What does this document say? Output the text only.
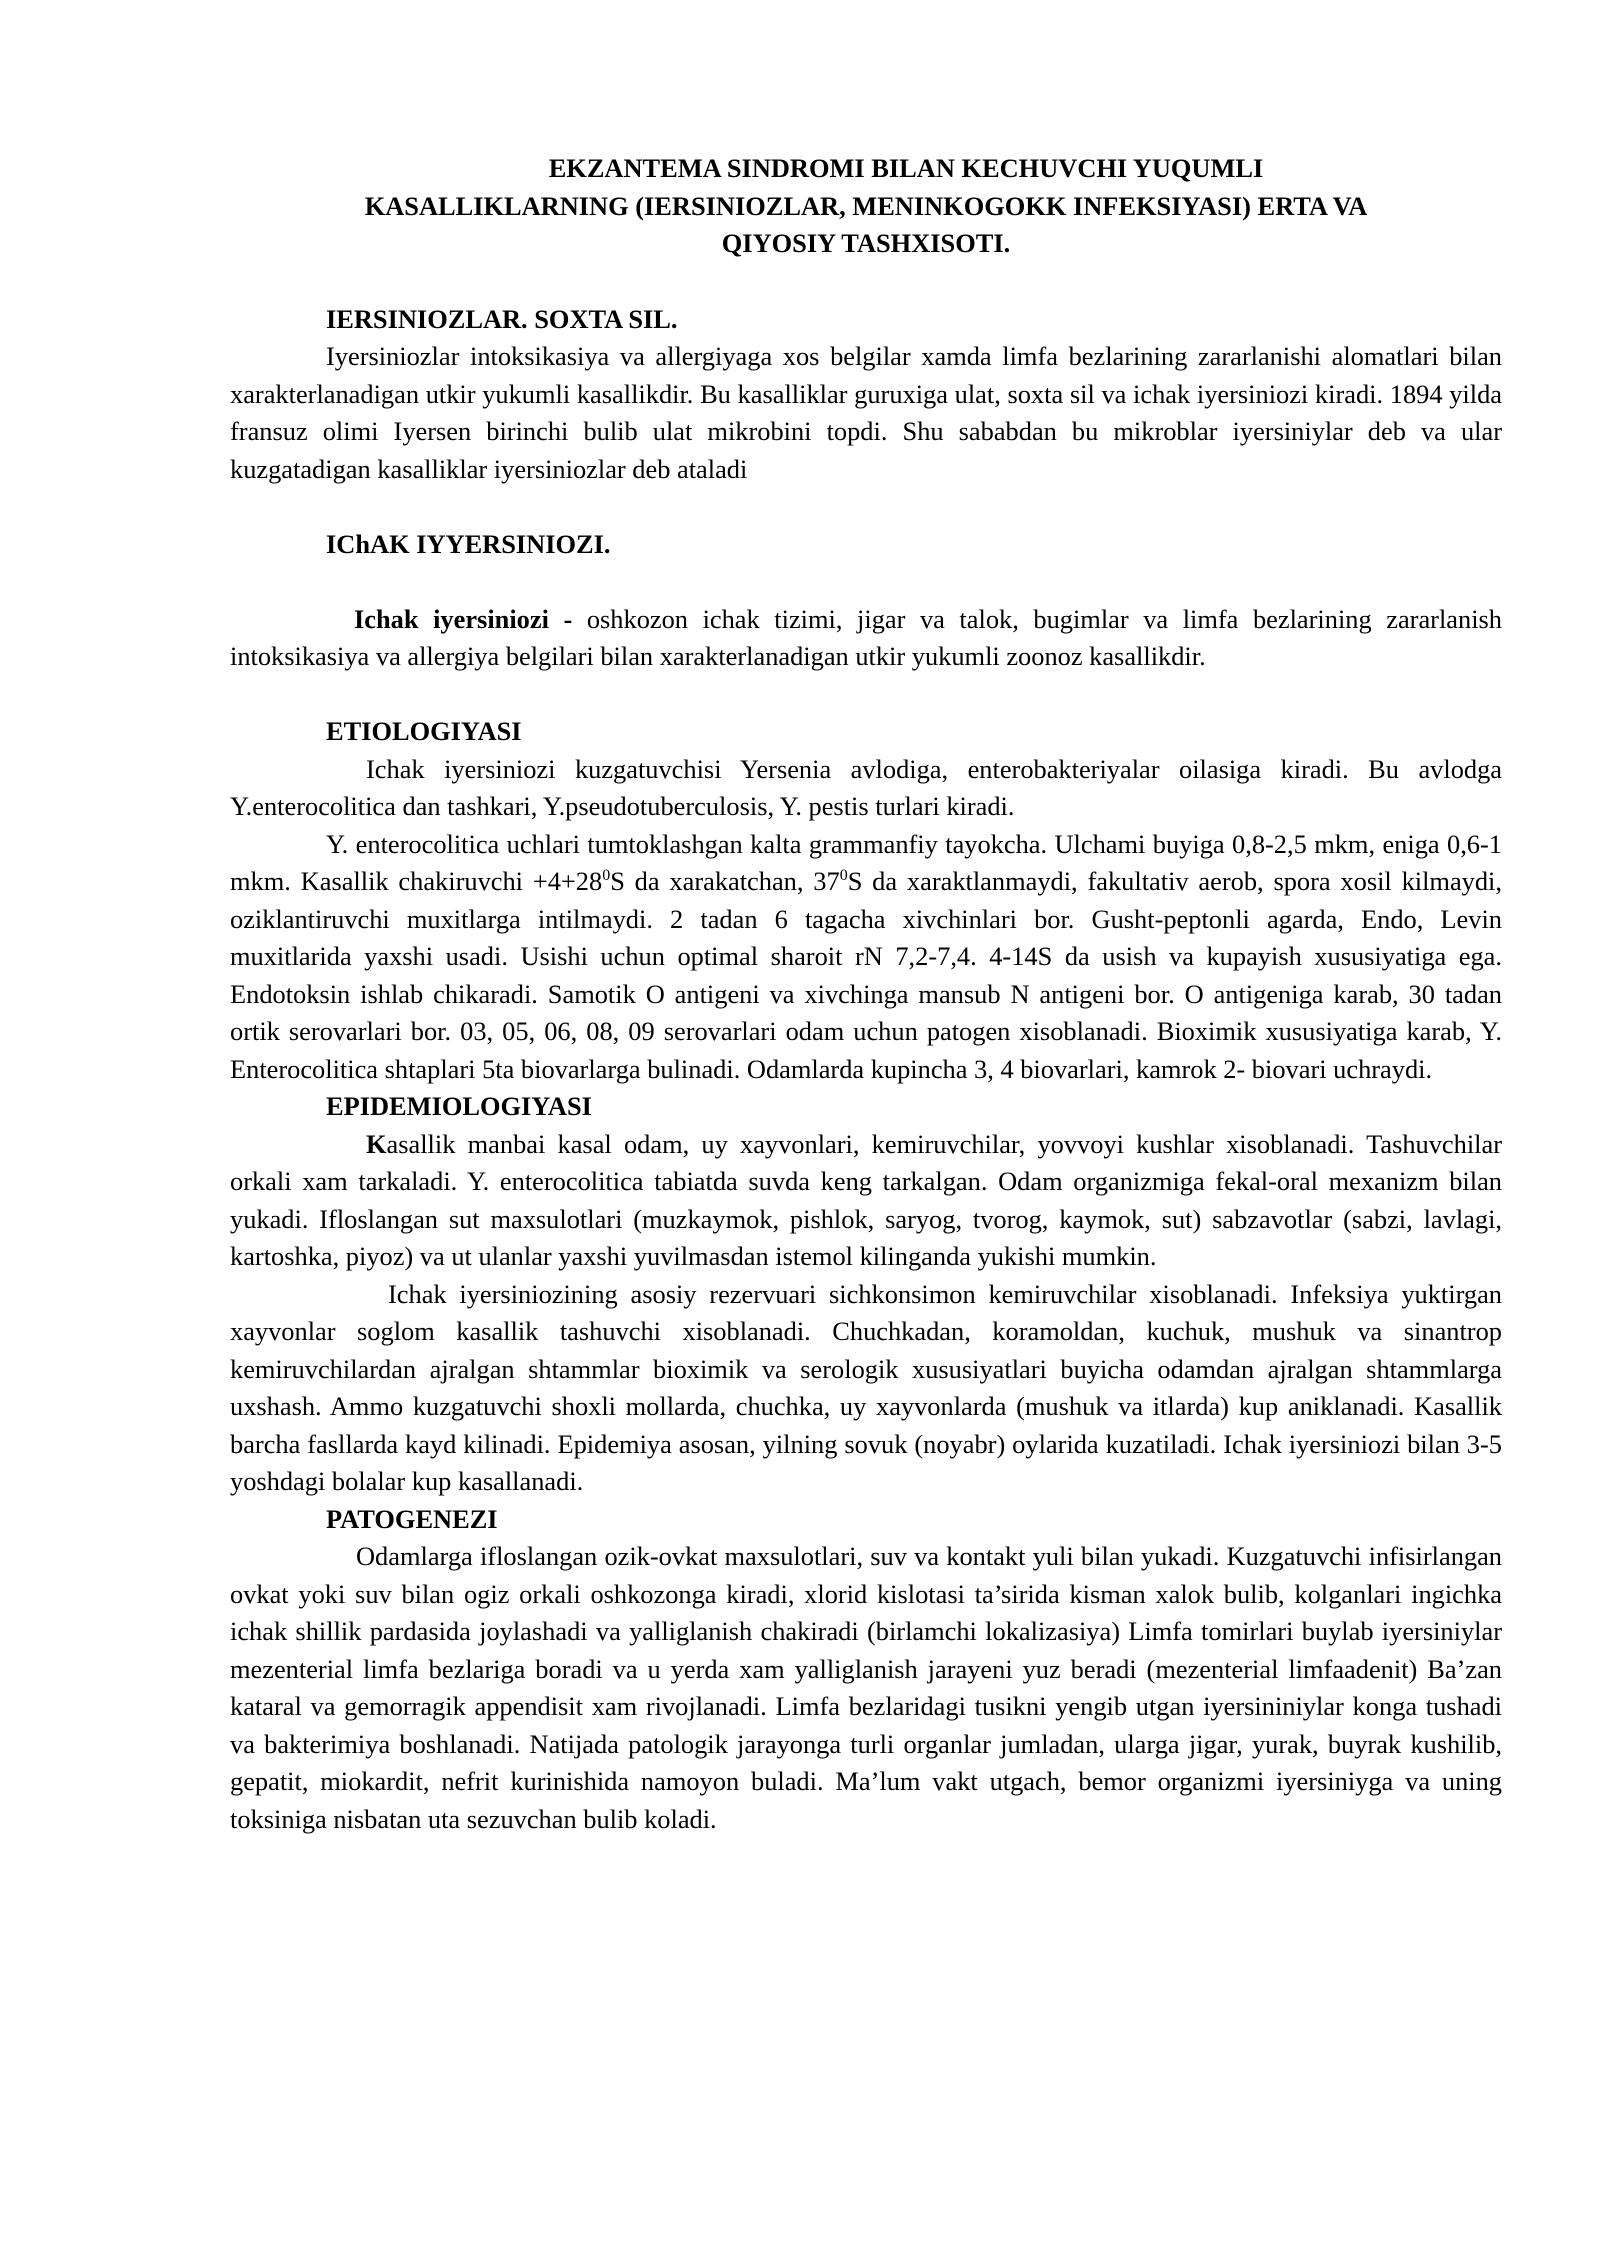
EKZANTEMA SINDROMI BILAN KECHUVCHI YUQUMLI
KASALLIKLARNING (IERSINIOZLAR, MENINKOGOKK INFEKSIYASI) ERTA VA
QIYOSIY TASHXISOTI.
IERSINIOZLAR. SOXTA SIL.

Iyersiniozlar intoksikasiya va allergiyaga xos belgilar xamda limfa bezlarining zararlanishi alomatlari bilan xarakterlanadigan utkir yukumli kasallikdir. Bu kasalliklar guruxiga ulat, soxta sil va ichak iyersiniozi kiradi. 1894 yilda fransuz olimi Iyersen birinchi bulib ulat mikrobini topdi. Shu sababdan bu mikroblar iyersiniylar deb va ular kuzgatadigan kasalliklar iyersiniozlar deb ataladi

IChAK IYYERSINIOZI.

Ichak iyersiniozi - oshkozon ichak tizimi, jigar va talok, bugimlar va limfa bezlarining zararlanish intoksikasiya va allergiya belgilari bilan xarakterlanadigan utkir yukumli zoonoz kasallikdir.

ETIOLOGIYASI

Ichak iyersiniozi kuzgatuvchisi Yersenia avlodiga, enterobakteriyalar oilasiga kiradi. Bu avlodga Y.enterocolitica dan tashkari, Y.pseudotuberculosis, Y. pestis turlari kiradi.

Y. enterocolitica uchlari tumtoklashgan kalta grammanfiy tayokcha. Ulchami buyiga 0,8-2,5 mkm, eniga 0,6-1 mkm. Kasallik chakiruvchi $+4+28^0S$ da xarakatchan, $37^0S$ da xaraktlanmaydi, fakultativ aerob, spora xosil kilmaydi, oziklantiruvchi muxitlarga intilmaydi. 2 tadan 6 tagacha xivchinlari bor. Gusht-peptonli agarda, Endo, Levin muxitlarida yaxshi usadi. Usishi uchun optimal sharoit rN 7,2-7,4. 4-14S da usish va kupayish xususiyatiga ega. Endotoksin ishlab chikaradi. Samotik O antigeni va xivchinga mansub N antigeni bor. O antigeniga karab, 30 tadan ortik serovarlari bor. 03, 05, 06, 08, 09 serovarlari odam uchun patogen xisoblanadi. Bioximik xususiyatiga karab, Y. Enterocolitica shtaplari 5ta biovarlarga bulinadi. Odamlarda kupincha 3, 4 biovarlari, kamrok 2- biovari uchraydi.

EPIDEMIOLOGIYASI

Kasallik manbai kasal odam, uy xayvonlari, kemiruvchilar, yovvoyi kushlar xisoblanadi. Tashuvchilar orkali xam tarkaladi. Y. enterocolitica tabiatda suvda keng tarkalgan. Odam organizmiga fekal-oral mexanizm bilan yukadi. Ifloslangan sut maxsulotlari (muzkaymok, pishlok, saryog, tvorog, kaymok, sut) sabzavotlar (sabzi, lavlagi, kartoshka, piyoz) va ut ulanlar yaxshi yuvilmasdan istemol kilinganda yukishi mumkin.

Ichak iyersiniozining asosiy rezervuari sichkonsimon kemiruvchilar xisoblanadi. Infeksiya yuktirgan xayvonlar soglom kasallik tashuvchi xisoblanadi. Chuchkadan, koramoldan, kuchuk, mushuk va sinantrop kemiruvchilardan ajralgan shtammlar bioximik va serologik xususiyatlari buyicha odamdan ajralgan shtammlarga uxshash. Ammo kuzgatuvchi shoxli mollarda, chuchka, uy xayvonlarda (mushuk va itlarda) kup aniklanadi. Kasallik barcha fasllarda kayd kilinadi. Epidemiya asosan, yilning sovuk (noyabr) oylarida kuzatiladi. Ichak iyersiniozi bilan 3-5 yoshdagi bolalar kup kasallanadi.

PATOGENEZI

Odamlarga ifloslangan ozik-ovkat maxsulotlari, suv va kontakt yuli bilan yukadi. Kuzgatuvchi infisirlangan ovkat yoki suv bilan ogiz orkali oshkozonga kiradi, xlorid kislotasi ta’sirida kisman xalok bulib, kolganlari ingichka ichak shillik pardasida joylashadi va yalliglanish chakiradi (birlamchi lokalizasiya) Limfa tomirlari buylab iyersiniylar mezenterial limfa bezlariga boradi va u yerda xam yalliglanish jarayeni yuz beradi (mezenterial limfaadenit) Ba’zan kataral va gemorragik appendisit xam rivojlanadi. Limfa bezlaridagi tusikni yengib utgan iyersininiylar konga tushadi va bakterimiya boshlanadi. Natijada patologik jarayonga turli organlar jumladan, ularga jigar, yurak, buyrak kushilib, gepatit, miokardit, nefrit kurinishida namoyon buladi. Ma’lum vakt utgach, bemor organizmi iyersiniyga va uning toksiniga nisbatan uta sezuvchan bulib koladi.
